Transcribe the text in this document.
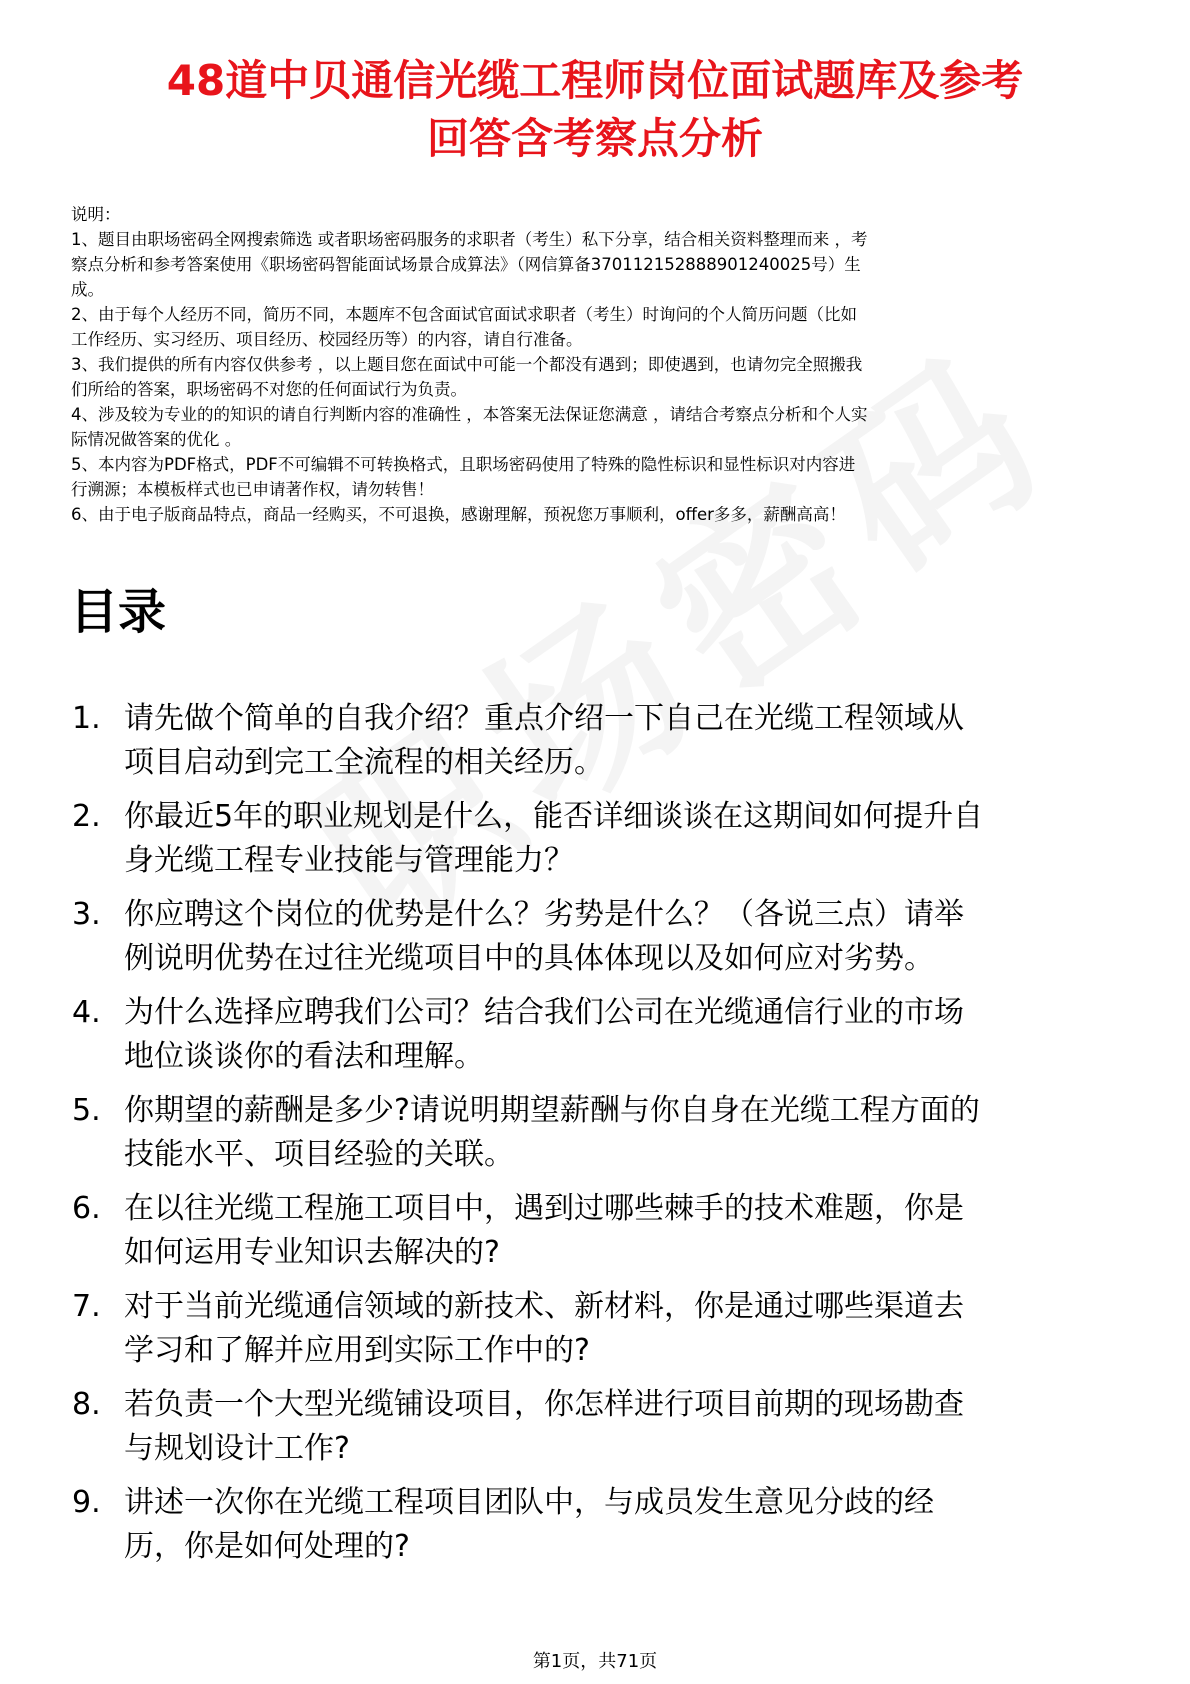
48道中贝通信光缆工程师岗位面试题库及参考
回答含考察点分析
说明：
1、题目由职场密码全网搜索筛选 或者职场密码服务的求职者（考生）私下分享，结合相关资料整理而来 ，考
察点分析和参考答案使用《职场密码智能面试场景合成算法》（网信算备370112152888901240025号）生
成。
2、由于每个人经历不同，简历不同，本题库不包含面试官面试求职者（考生）时询问的个人简历问题（比如
工作经历、实习经历、项目经历、校园经历等）的内容，请自行准备。
3、我们提供的所有内容仅供参考 ，以上题目您在面试中可能一个都没有遇到；即使遇到，也请勿完全照搬我
们所给的答案，职场密码不对您的任何面试行为负责。
4、涉及较为专业的的知识的请自行判断内容的准确性 ，本答案无法保证您满意 ，请结合考察点分析和个人实
际情况做答案的优化 。
5、本内容为PDF格式，PDF不可编辑不可转换格式，且职场密码使用了特殊的隐性标识和显性标识对内容进
行溯源；本模板样式也已申请著作权，请勿转售！
6、由于电子版商品特点，商品一经购买，不可退换，感谢理解，预祝您万事顺利，offer多多，薪酬高高！
目录
1. 请先做个简单的自我介绍？重点介绍一下自己在光缆工程领域从
项目启动到完工全流程的相关经历。
2. 你最近5年的职业规划是什么，能否详细谈谈在这期间如何提升自
身光缆工程专业技能与管理能力？
3. 你应聘这个岗位的优势是什么？劣势是什么？（各说三点）请举
例说明优势在过往光缆项目中的具体体现以及如何应对劣势。
4. 为什么选择应聘我们公司？结合我们公司在光缆通信行业的市场
地位谈谈你的看法和理解。
5. 你期望的薪酬是多少?请说明期望薪酬与你自身在光缆工程方面的
技能水平、项目经验的关联。
6. 在以往光缆工程施工项目中，遇到过哪些棘手的技术难题，你是
如何运用专业知识去解决的?
7. 对于当前光缆通信领域的新技术、新材料，你是通过哪些渠道去
学习和了解并应用到实际工作中的?
8. 若负责一个大型光缆铺设项目，你怎样进行项目前期的现场勘查
与规划设计工作?
9. 讲述一次你在光缆工程项目团队中，与成员发生意见分歧的经
历，你是如何处理的?
第1页，共71页
